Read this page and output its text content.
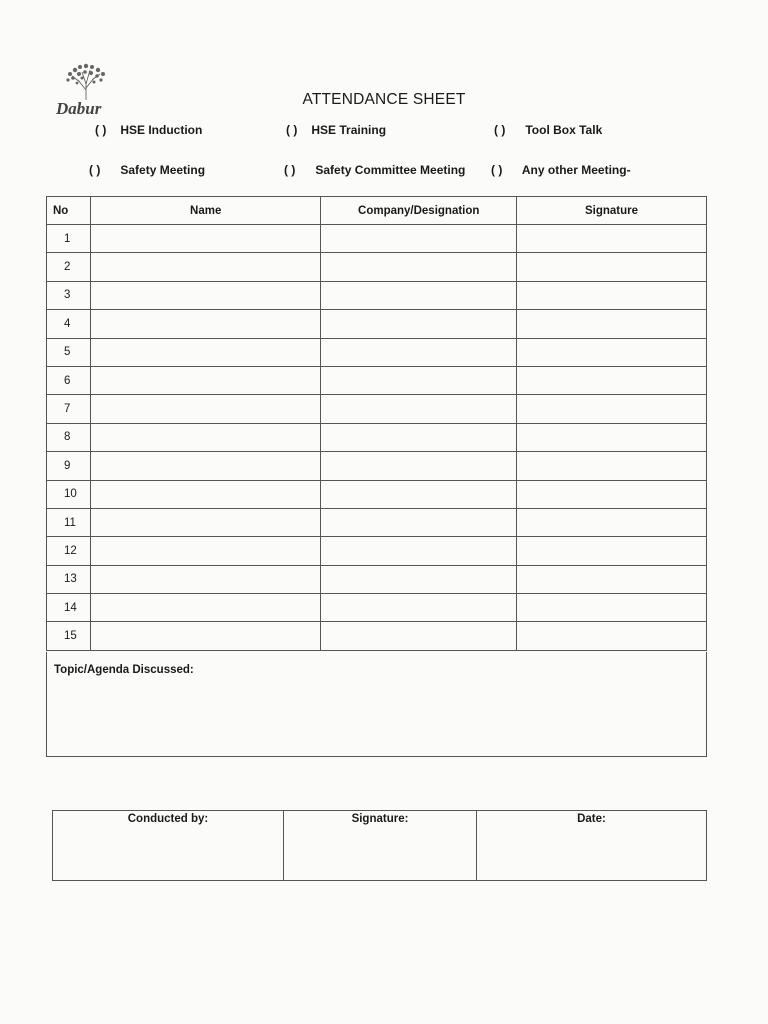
Dabur	ATTENDANCE SHEET
( ) HSE Induction	( ) HSE Training	( ) Tool Box Talk
( ) Safety Meeting	( ) Safety Committee Meeting ( ) Any other Meeting-
No	Name	Company/Designation	Signature
1			
2			
3			
4			
5			
6			
7			
8			
9			
10			
11			
12			
13			
14			
15			
Topic/Agenda Discussed:
Conducted by:	Signature:	Date:
